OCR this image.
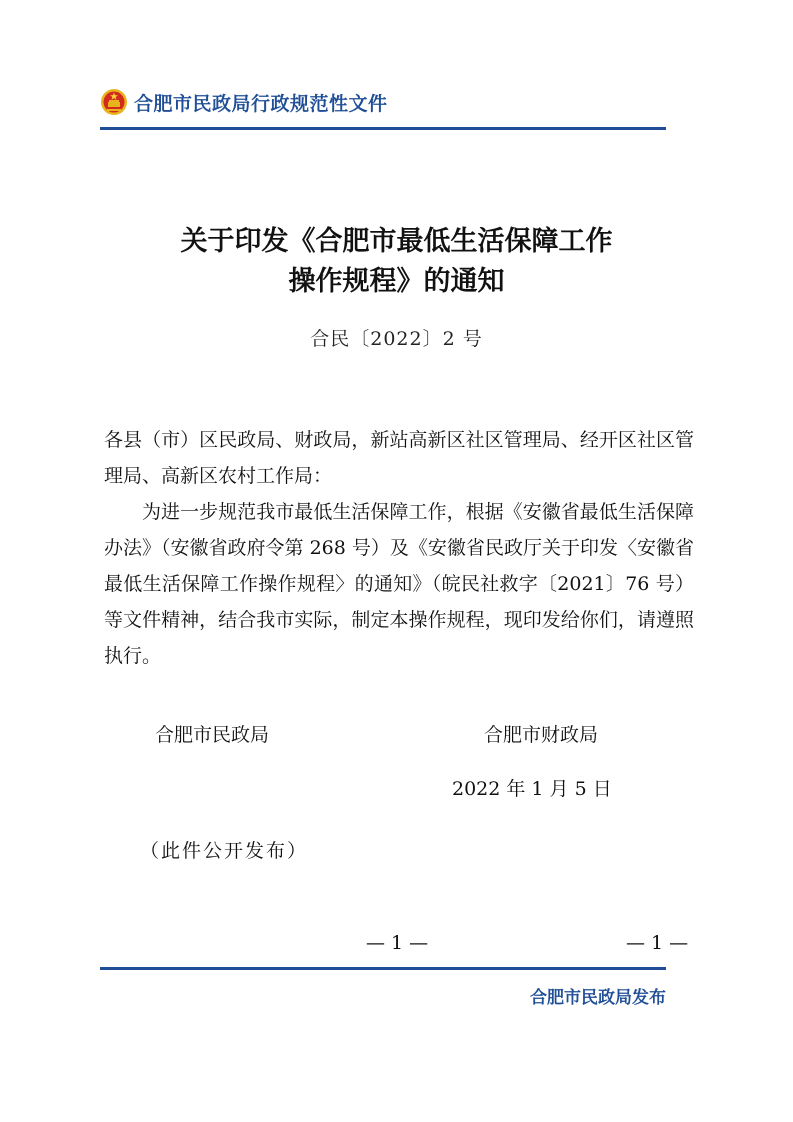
合肥市民政局行政规范性文件
关于印发《合肥市最低生活保障工作
操作规程》的通知
合民〔2022〕2 号

各县（市）区民政局、财政局，新站高新区社区管理局、经开区社区管理局、高新区农村工作局：

为进一步规范我市最低生活保障工作，根据《安徽省最低生活保障办法》（安徽省政府令第 268 号）及《安徽省民政厅关于印发〈安徽省最低生活保障工作操作规程〉的通知》（皖民社救字〔2021〕76 号）等文件精神，结合我市实际，制定本操作规程，现印发给你们，请遵照执行。

合肥市民政局	合肥市财政局
2022 年 1 月 5 日
（此件公开发布）
— 1 —	— 1 —
合肥市民政局发布
